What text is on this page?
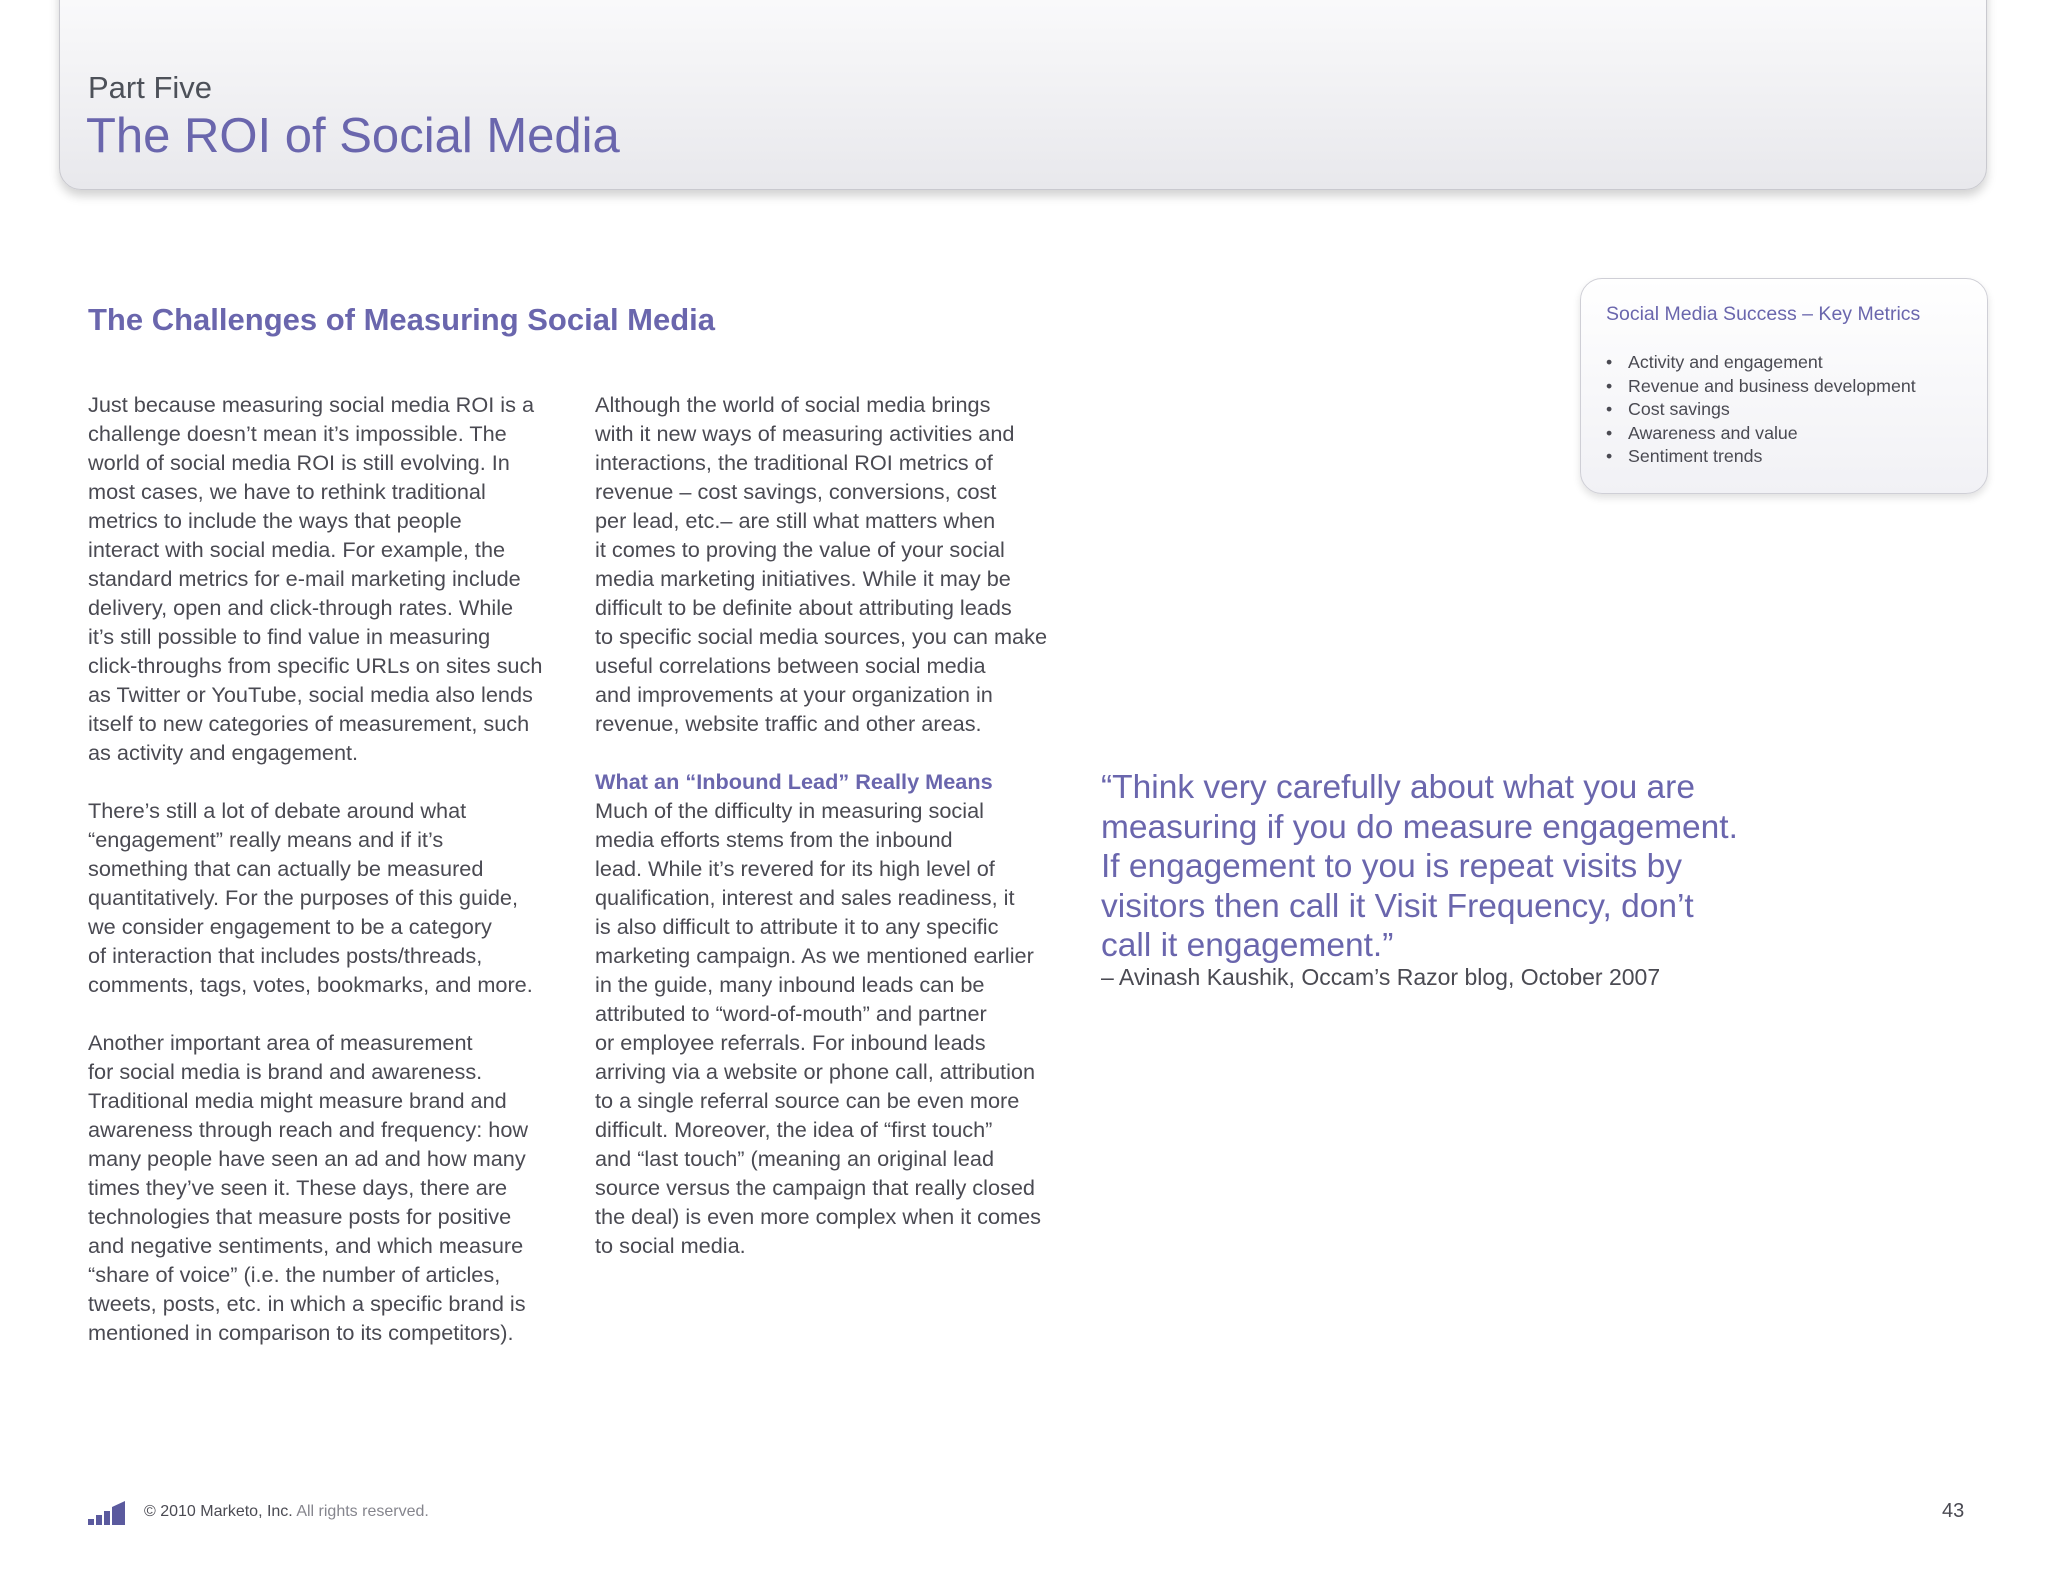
Part Five
The ROI of Social Media
The Challenges of Measuring Social Media
Just because measuring social media ROI is a
challenge doesn’t mean it’s impossible. The
world of social media ROI is still evolving. In
most cases, we have to rethink traditional
metrics to include the ways that people
interact with social media. For example, the
standard metrics for e-mail marketing include
delivery, open and click-through rates. While
it’s still possible to find value in measuring
click-throughs from specific URLs on sites such
as Twitter or YouTube, social media also lends
itself to new categories of measurement, such
as activity and engagement.
There’s still a lot of debate around what
“engagement” really means and if it’s
something that can actually be measured
quantitatively. For the purposes of this guide,
we consider engagement to be a category
of interaction that includes posts/threads,
comments, tags, votes, bookmarks, and more.
Another important area of measurement
for social media is brand and awareness.
Traditional media might measure brand and
awareness through reach and frequency: how
many people have seen an ad and how many
times they’ve seen it. These days, there are
technologies that measure posts for positive
and negative sentiments, and which measure
“share of voice” (i.e. the number of articles,
tweets, posts, etc. in which a specific brand is
mentioned in comparison to its competitors).
Although the world of social media brings
with it new ways of measuring activities and
interactions, the traditional ROI metrics of
revenue – cost savings, conversions, cost
per lead, etc.– are still what matters when
it comes to proving the value of your social
media marketing initiatives. While it may be
difficult to be definite about attributing leads
to specific social media sources, you can make
useful correlations between social media
and improvements at your organization in
revenue, website traffic and other areas.
What an “Inbound Lead” Really Means
Much of the difficulty in measuring social
media efforts stems from the inbound
lead. While it’s revered for its high level of
qualification, interest and sales readiness, it
is also difficult to attribute it to any specific
marketing campaign. As we mentioned earlier
in the guide, many inbound leads can be
attributed to “word-of-mouth” and partner
or employee referrals. For inbound leads
arriving via a website or phone call, attribution
to a single referral source can be even more
difficult. Moreover, the idea of “first touch”
and “last touch” (meaning an original lead
source versus the campaign that really closed
the deal) is even more complex when it comes
to social media.
Social Media Success – Key Metrics
• Activity and engagement
• Revenue and business development
• Cost savings
• Awareness and value
• Sentiment trends
“Think very carefully about what you are
measuring if you do measure engagement.
If engagement to you is repeat visits by
visitors then call it Visit Frequency, don’t
call it engagement.”
– Avinash Kaushik, Occam’s Razor blog, October 2007
© 2010 Marketo, Inc. All rights reserved.	43
